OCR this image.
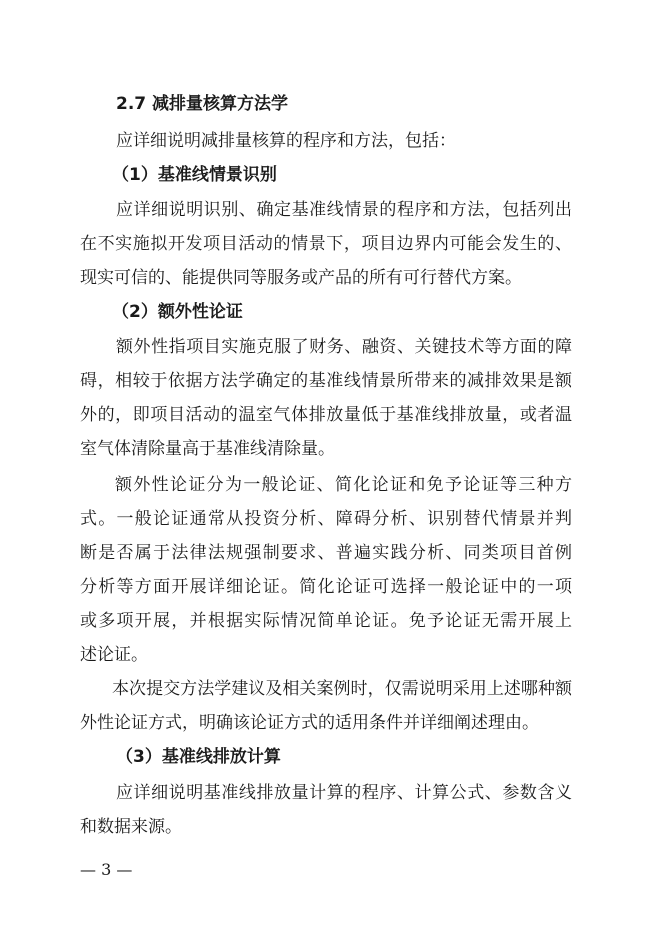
2.7 减排量核算方法学
应详细说明减排量核算的程序和方法，包括：
（1）基准线情景识别
应详细说明识别、确定基准线情景的程序和方法，包括列出
在不实施拟开发项目活动的情景下，项目边界内可能会发生的、
现实可信的、能提供同等服务或产品的所有可行替代方案。
（2）额外性论证
额外性指项目实施克服了财务、融资、关键技术等方面的障
碍，相较于依据方法学确定的基准线情景所带来的减排效果是额
外的，即项目活动的温室气体排放量低于基准线排放量，或者温
室气体清除量高于基准线清除量。
额外性论证分为一般论证、简化论证和免予论证等三种方
式。一般论证通常从投资分析、障碍分析、识别替代情景并判
断是否属于法律法规强制要求、普遍实践分析、同类项目首例
分析等方面开展详细论证。简化论证可选择一般论证中的一项
或多项开展，并根据实际情况简单论证。免予论证无需开展上
述论证。
本次提交方法学建议及相关案例时，仅需说明采用上述哪种额
外性论证方式，明确该论证方式的适用条件并详细阐述理由。
（3）基准线排放计算
应详细说明基准线排放量计算的程序、计算公式、参数含义
和数据来源。
— 3 —
